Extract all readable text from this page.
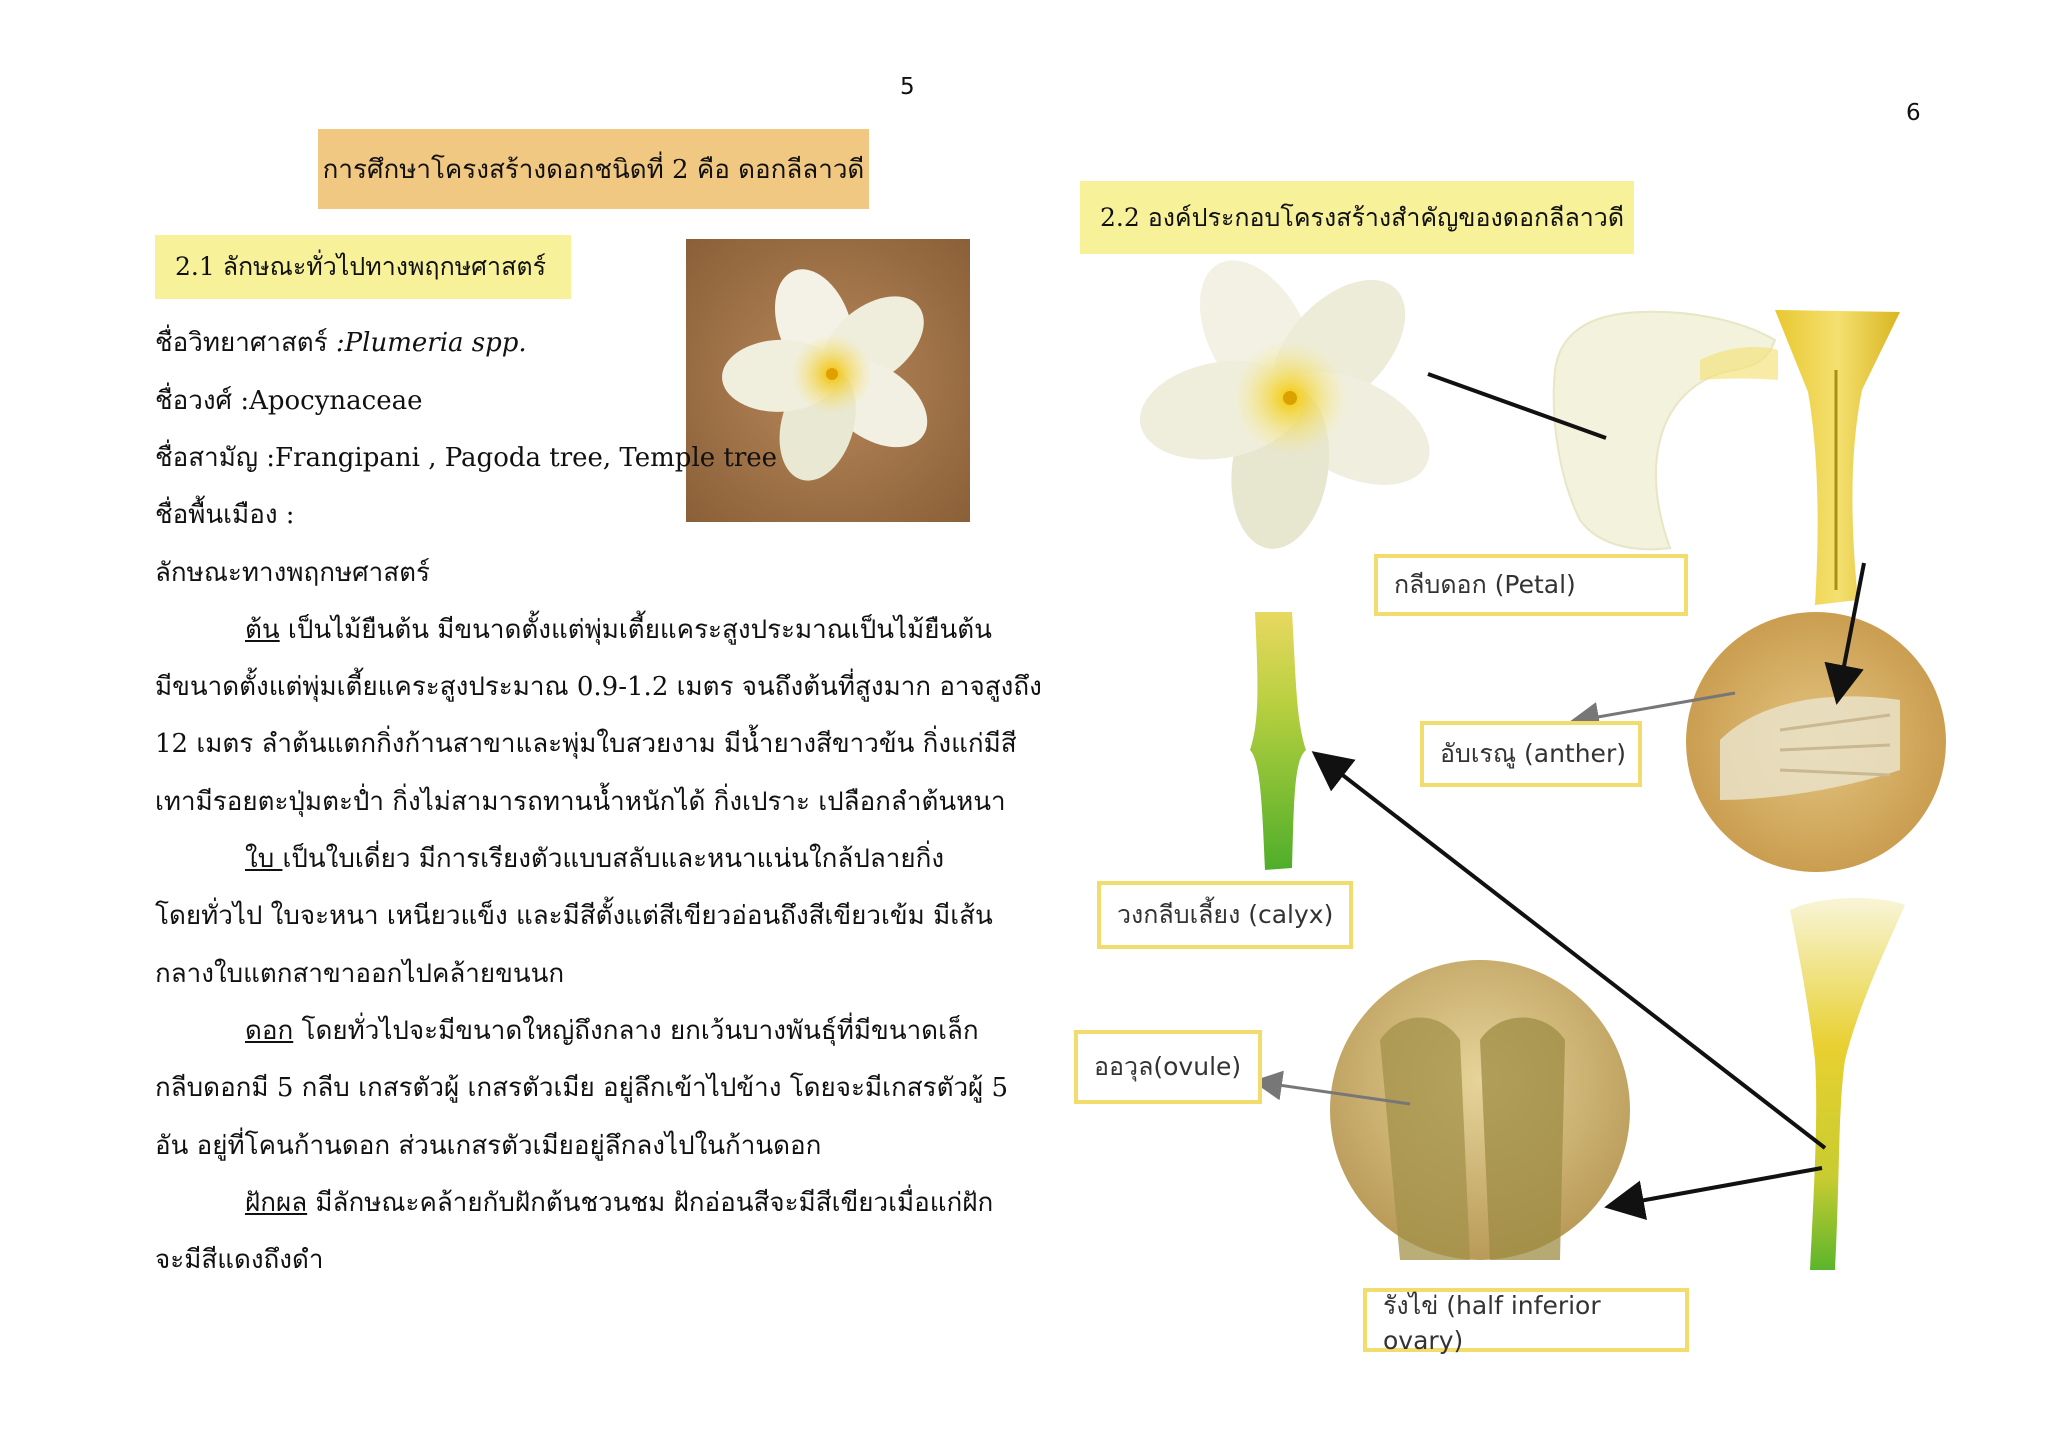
5
การศึกษาโครงสร้างดอกชนิดที่ 2 คือ ดอกลีลาวดี
2.1 ลักษณะทั่วไปทางพฤกษศาสตร์
ชื่อวิทยาศาสตร์ :Plumeria spp.
ชื่อวงศ์ :Apocynaceae
ชื่อสามัญ :Frangipani , Pagoda tree, Temple tree
ชื่อพื้นเมือง :
ลักษณะทางพฤกษศาสตร์
ต้น เป็นไม้ยืนต้น มีขนาดตั้งแต่พุ่มเตี้ยแคระสูงประมาณเป็นไม้ยืนต้น
มีขนาดตั้งแต่พุ่มเตี้ยแคระสูงประมาณ 0.9-1.2 เมตร จนถึงต้นที่สูงมาก อาจสูงถึง
12 เมตร ลำต้นแตกกิ่งก้านสาขาและพุ่มใบสวยงาม มีน้ำยางสีขาวข้น กิ่งแก่มีสี
เทามีรอยตะปุ่มตะป่ำ กิ่งไม่สามารถทานน้ำหนักได้ กิ่งเปราะ เปลือกลำต้นหนา
ใบ เป็นใบเดี่ยว มีการเรียงตัวแบบสลับและหนาแน่นใกล้ปลายกิ่ง
โดยทั่วไป ใบจะหนา เหนียวแข็ง และมีสีตั้งแต่สีเขียวอ่อนถึงสีเขียวเข้ม มีเส้น
กลางใบแตกสาขาออกไปคล้ายขนนก
ดอก โดยทั่วไปจะมีขนาดใหญ่ถึงกลาง ยกเว้นบางพันธุ์ที่มีขนาดเล็ก
กลีบดอกมี 5 กลีบ เกสรตัวผู้ เกสรตัวเมีย อยู่ลึกเข้าไปข้าง โดยจะมีเกสรตัวผู้ 5
อัน อยู่ที่โคนก้านดอก ส่วนเกสรตัวเมียอยู่ลึกลงไปในก้านดอก
ฝักผล มีลักษณะคล้ายกับฝักต้นชวนชม ฝักอ่อนสีจะมีสีเขียวเมื่อแก่ฝัก
จะมีสีแดงถึงดำ
6
2.2 องค์ประกอบโครงสร้างสำคัญของดอกลีลาวดี
กลีบดอก (Petal)
อับเรณู (anther)
วงกลีบเลี้ยง (calyx)
ออวุล(ovule)
รังไข่ (half inferior ovary)
